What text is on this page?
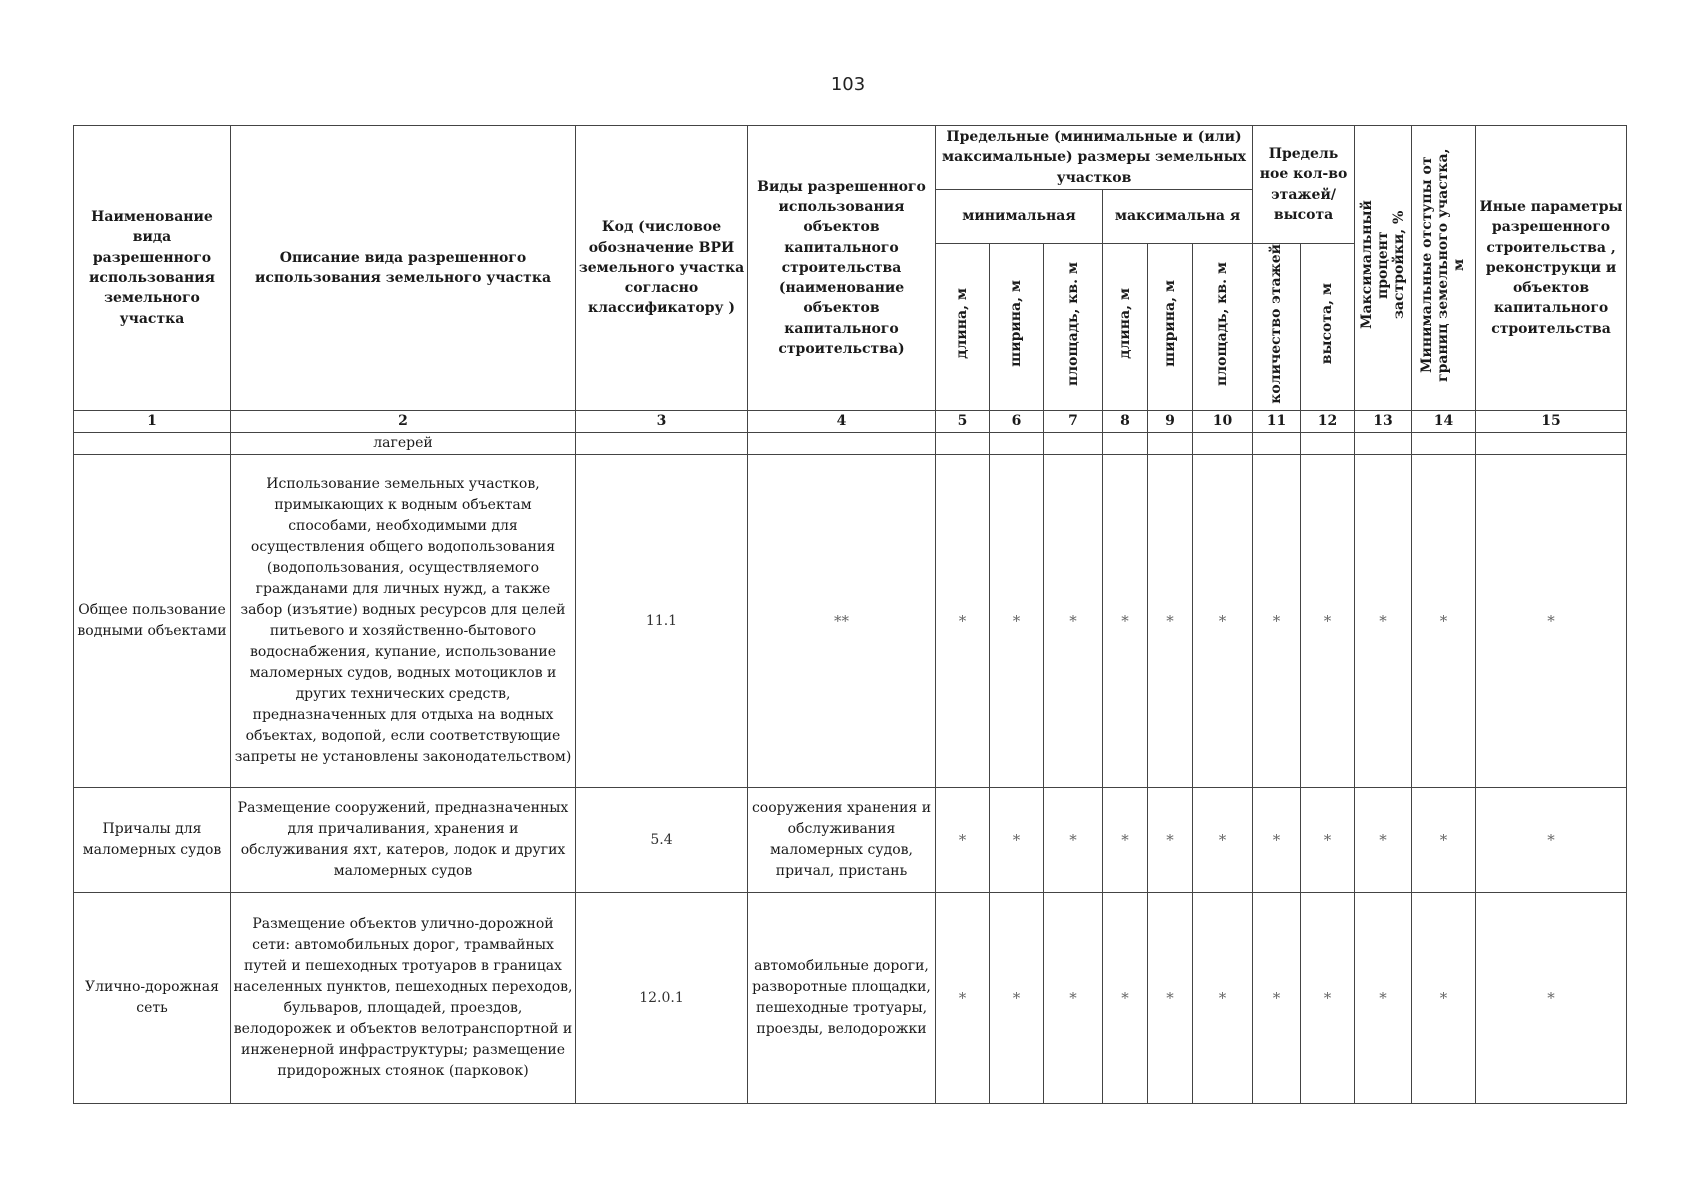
103
Наименование вида разрешенного использования земельного участка	Описание вида разрешенного использования земельного участка	Код (числовое обозначение ВРИ земельного участка согласно классификатору )	Виды разрешенного использования объектов капитального строительства (наименование объектов капитального строительства)	Предельные (минимальные и (или) максимальные) размеры земельных участков						Предель ное кол-во этажей/ высота		Максимальный процент застройки, %	Минимальные отступы от границ земельного участка, м	Иные параметры разрешенного строительства , реконструкци и объектов капитального строительства
				минимальная			максимальна я							
				длина, м	ширина, м	площадь, кв. м	длина, м	ширина, м	площадь, кв. м	количество этажей	высота, м			
1	2	3	4	5	6	7	8	9	10	11	12	13	14	15
	лагерей													
Общее пользование водными объектами	Использование земельных участков, примыкающих к водным объектам способами, необходимыми для осуществления общего водопользования (водопользования, осуществляемого гражданами для личных нужд, а также забор (изъятие) водных ресурсов для целей питьевого и хозяйственно-бытового водоснабжения, купание, использование маломерных судов, водных мотоциклов и других технических средств, предназначенных для отдыха на водных объектах, водопой, если соответствующие запреты не установлены законодательством)	11.1	**	*	*	*	*	*	*	*	*	*	*	*
Причалы для маломерных судов	Размещение сооружений, предназначенных для причаливания, хранения и обслуживания яхт, катеров, лодок и других маломерных судов	5.4	сооружения хранения и обслуживания маломерных судов, причал, пристань	*	*	*	*	*	*	*	*	*	*	*
Улично-дорожная сеть	Размещение объектов улично-дорожной сети: автомобильных дорог, трамвайных путей и пешеходных тротуаров в границах населенных пунктов, пешеходных переходов, бульваров, площадей, проездов, велодорожек и объектов велотранспортной и инженерной инфраструктуры; размещение придорожных стоянок (парковок)	12.0.1	автомобильные дороги, разворотные площадки, пешеходные тротуары, проезды, велодорожки	*	*	*	*	*	*	*	*	*	*	*
